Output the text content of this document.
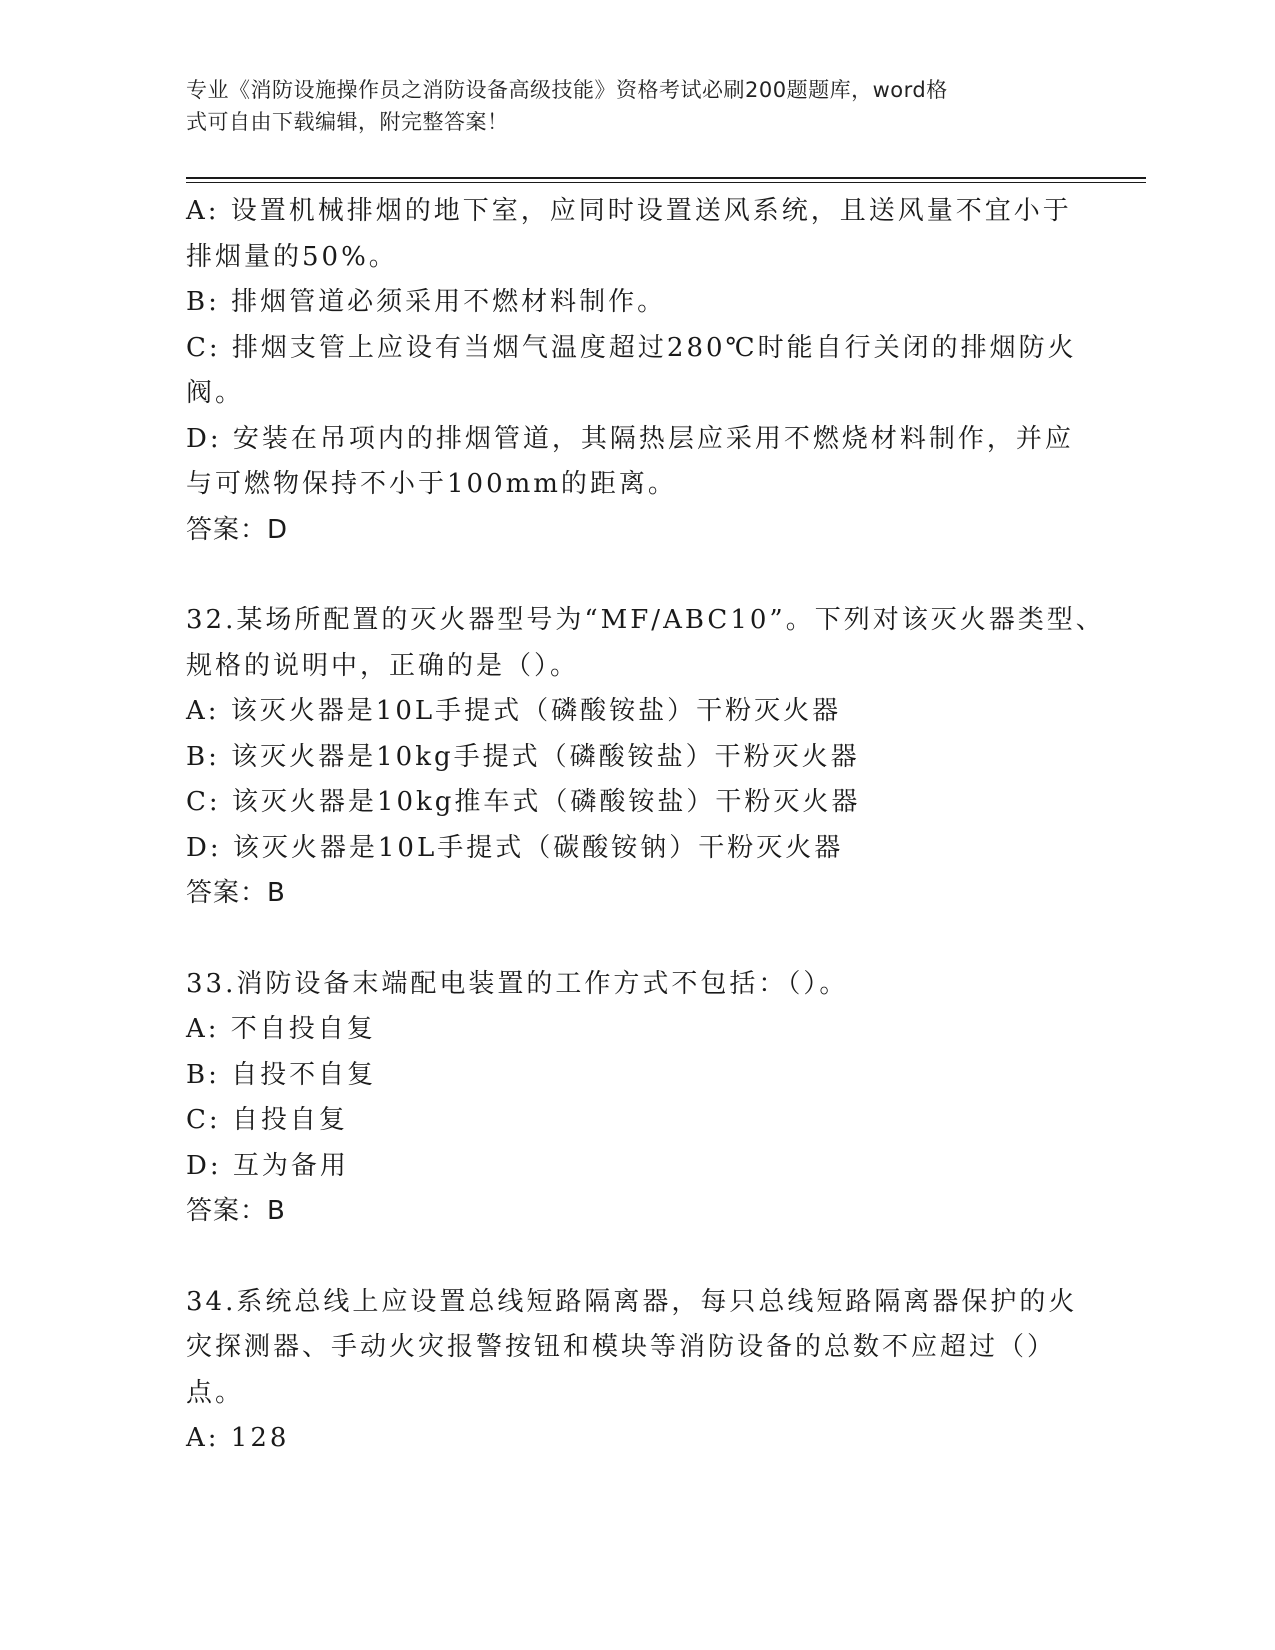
专业《消防设施操作员之消防设备高级技能》资格考试必刷200题题库，word格
式可自由下载编辑，附完整答案！
A: 设置机械排烟的地下室，应同时设置送风系统，且送风量不宜小于
排烟量的50%。
B: 排烟管道必须采用不燃材料制作。
C: 排烟支管上应设有当烟气温度超过280℃时能自行关闭的排烟防火
阀。
D: 安装在吊项内的排烟管道，其隔热层应采用不燃烧材料制作，并应
与可燃物保持不小于100mm的距离。
答案：D
32.某场所配置的灭火器型号为“MF/ABC10”。下列对该灭火器类型、
规格的说明中，正确的是（）。
A: 该灭火器是10L手提式（磷酸铵盐）干粉灭火器
B: 该灭火器是10kg手提式（磷酸铵盐）干粉灭火器
C: 该灭火器是10kg推车式（磷酸铵盐）干粉灭火器
D: 该灭火器是10L手提式（碳酸铵钠）干粉灭火器
答案：B
33.消防设备末端配电装置的工作方式不包括：（）。
A: 不自投自复
B: 自投不自复
C: 自投自复
D: 互为备用
答案：B
34.系统总线上应设置总线短路隔离器，每只总线短路隔离器保护的火
灾探测器、手动火灾报警按钮和模块等消防设备的总数不应超过（）
点。
A: 128
